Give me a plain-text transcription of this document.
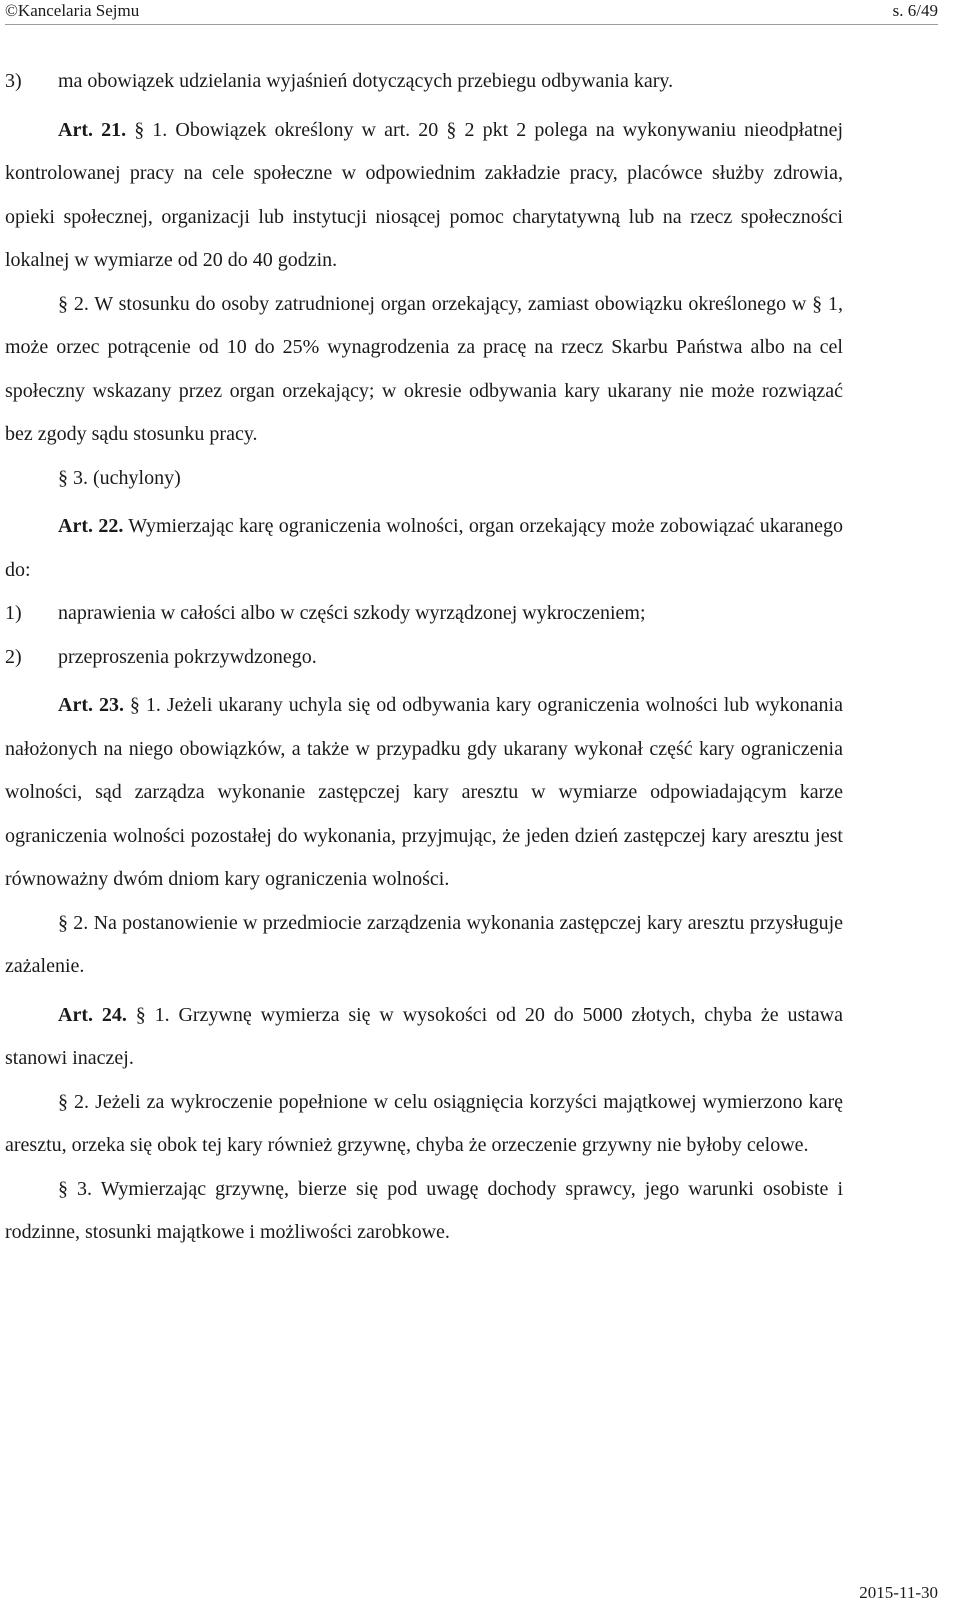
©Kancelaria Sejmu	s. 6/49

3)	ma obowiązek udzielania wyjaśnień dotyczących przebiegu odbywania kary.

Art. 21. § 1. Obowiązek określony w art. 20 § 2 pkt 2 polega na wykonywaniu nieodpłatnej kontrolowanej pracy na cele społeczne w odpowiednim zakładzie pracy, placówce służby zdrowia, opieki społecznej, organizacji lub instytucji niosącej pomoc charytatywną lub na rzecz społeczności lokalnej w wymiarze od 20 do 40 godzin.

§ 2. W stosunku do osoby zatrudnionej organ orzekający, zamiast obowiązku określonego w § 1, może orzec potrącenie od 10 do 25% wynagrodzenia za pracę na rzecz Skarbu Państwa albo na cel społeczny wskazany przez organ orzekający; w okresie odbywania kary ukarany nie może rozwiązać bez zgody sądu stosunku pracy.

§ 3. (uchylony)

Art. 22. Wymierzając karę ograniczenia wolności, organ orzekający może zobowiązać ukaranego do:

1)	naprawienia w całości albo w części szkody wyrządzonej wykroczeniem;

2)	przeproszenia pokrzywdzonego.

Art. 23. § 1. Jeżeli ukarany uchyla się od odbywania kary ograniczenia wolności lub wykonania nałożonych na niego obowiązków, a także w przypadku gdy ukarany wykonał część kary ograniczenia wolności, sąd zarządza wykonanie zastępczej kary aresztu w wymiarze odpowiadającym karze ograniczenia wolności pozostałej do wykonania, przyjmując, że jeden dzień zastępczej kary aresztu jest równoważny dwóm dniom kary ograniczenia wolności.

§ 2. Na postanowienie w przedmiocie zarządzenia wykonania zastępczej kary aresztu przysługuje zażalenie.

Art. 24. § 1. Grzywnę wymierza się w wysokości od 20 do 5000 złotych, chyba że ustawa stanowi inaczej.

§ 2. Jeżeli za wykroczenie popełnione w celu osiągnięcia korzyści majątkowej wymierzono karę aresztu, orzeka się obok tej kary również grzywnę, chyba że orzeczenie grzywny nie byłoby celowe.

§ 3. Wymierzając grzywnę, bierze się pod uwagę dochody sprawcy, jego warunki osobiste i rodzinne, stosunki majątkowe i możliwości zarobkowe.

2015-11-30
